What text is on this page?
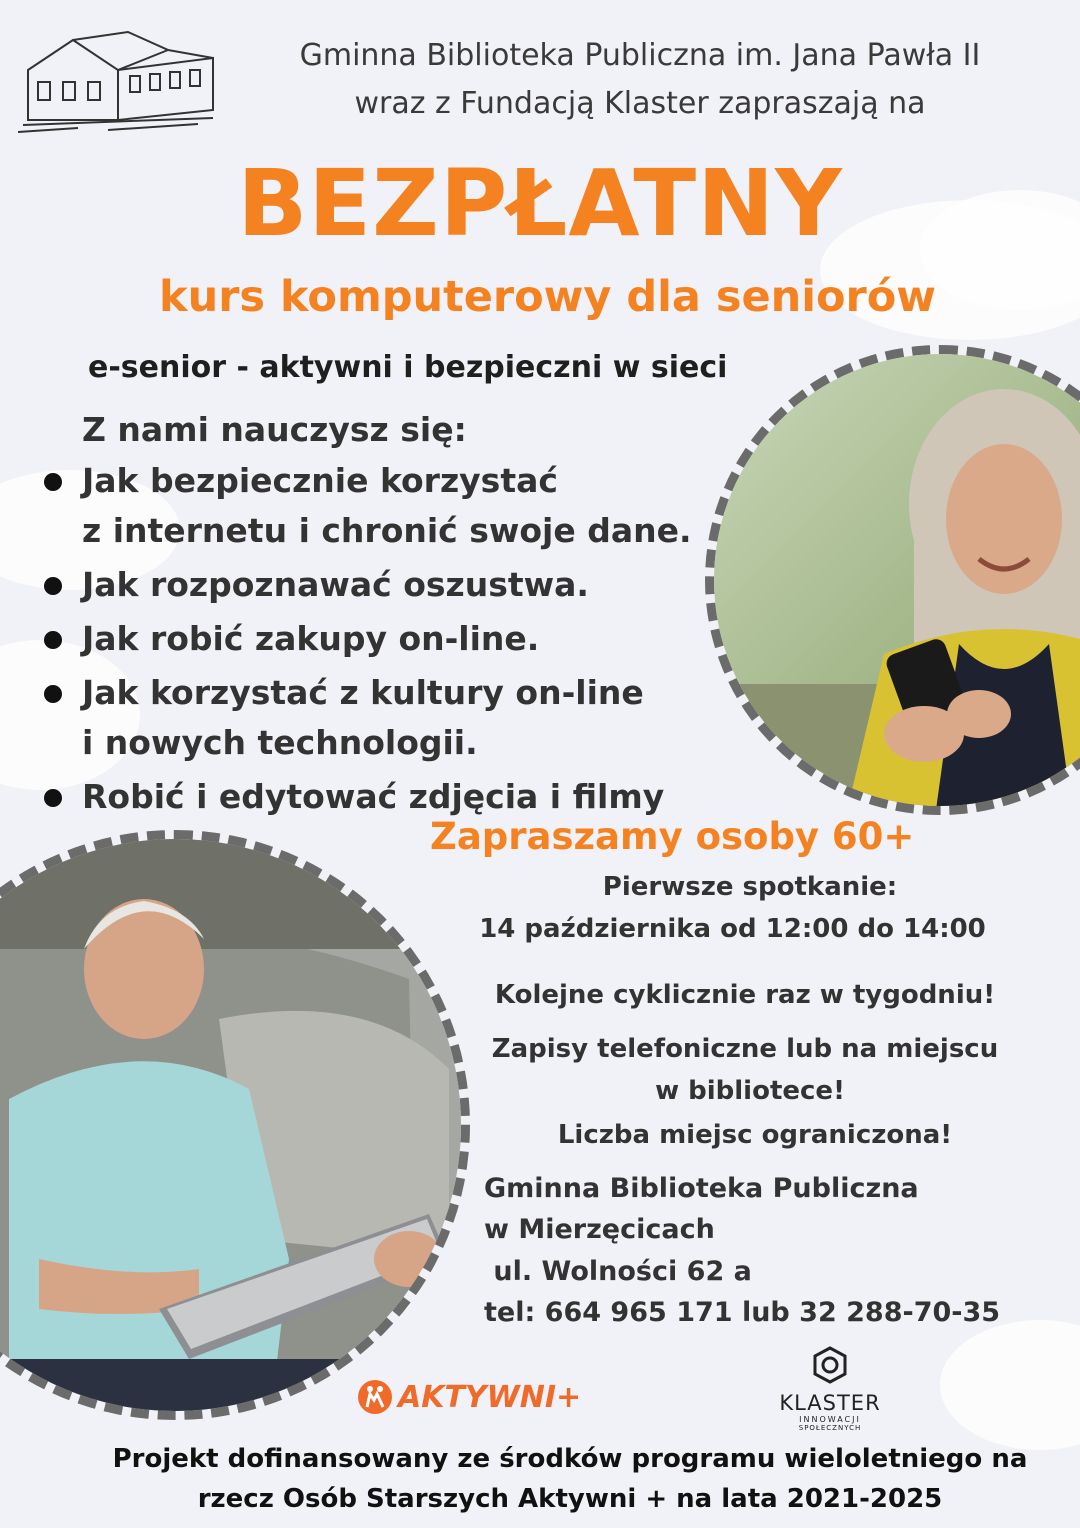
Gminna Biblioteka Publiczna im. Jana Pawła II
wraz z Fundacją Klaster zapraszają na
BEZPŁATNY
kurs komputerowy dla seniorów
e-senior - aktywni i bezpieczni w sieci
Z nami nauczysz się:
Jak bezpiecznie korzystać
z internetu i chronić swoje dane.
Jak rozpoznawać oszustwa.
Jak robić zakupy on-line.
Jak korzystać z kultury on-line
i nowych technologii.
Robić i edytować zdjęcia i filmy
Zapraszamy osoby 60+
Pierwsze spotkanie:
14 października od 12:00 do 14:00
Kolejne cyklicznie raz w tygodniu!
Zapisy telefoniczne lub na miejscu
w bibliotece!
Liczba miejsc ograniczona!
Gminna Biblioteka Publiczna
w Mierzęcicach
ul. Wolności 62 a
tel: 664 965 171 lub 32 288-70-35
AKTYWNI+	KLASTER
INNOWACJI
SPOŁECZNYCH
Projekt dofinansowany ze środków programu wieloletniego na
rzecz Osób Starszych Aktywni + na lata 2021-2025
